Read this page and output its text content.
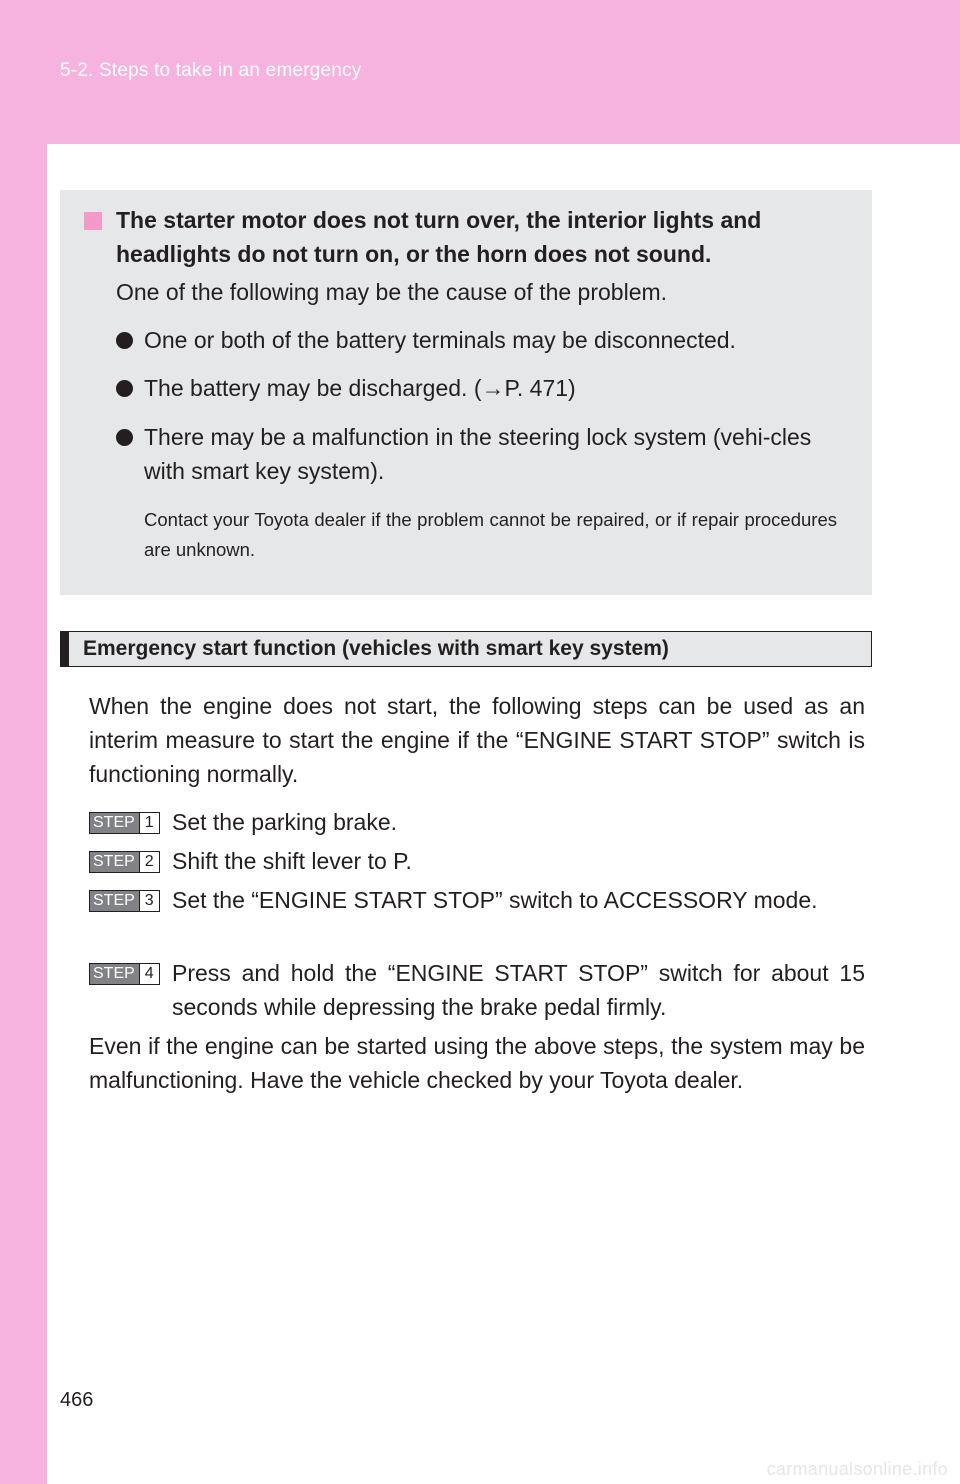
5-2. Steps to take in an emergency
The starter motor does not turn over, the interior lights and headlights do not turn on, or the horn does not sound.
One of the following may be the cause of the problem.
One or both of the battery terminals may be disconnected.
The battery may be discharged. (→P. 471)
There may be a malfunction in the steering lock system (vehi-cles with smart key system).
Contact your Toyota dealer if the problem cannot be repaired, or if repair procedures are unknown.
Emergency start function (vehicles with smart key system)
When the engine does not start, the following steps can be used as an interim measure to start the engine if the “ENGINE START STOP” switch is functioning normally.
STEP 1 Set the parking brake.
STEP 2 Shift the shift lever to P.
STEP 3 Set the “ENGINE START STOP” switch to ACCESSORY mode.
STEP 4 Press and hold the “ENGINE START STOP” switch for about 15 seconds while depressing the brake pedal firmly.
Even if the engine can be started using the above steps, the system may be malfunctioning. Have the vehicle checked by your Toyota dealer.
466
carmanualsonline.info
